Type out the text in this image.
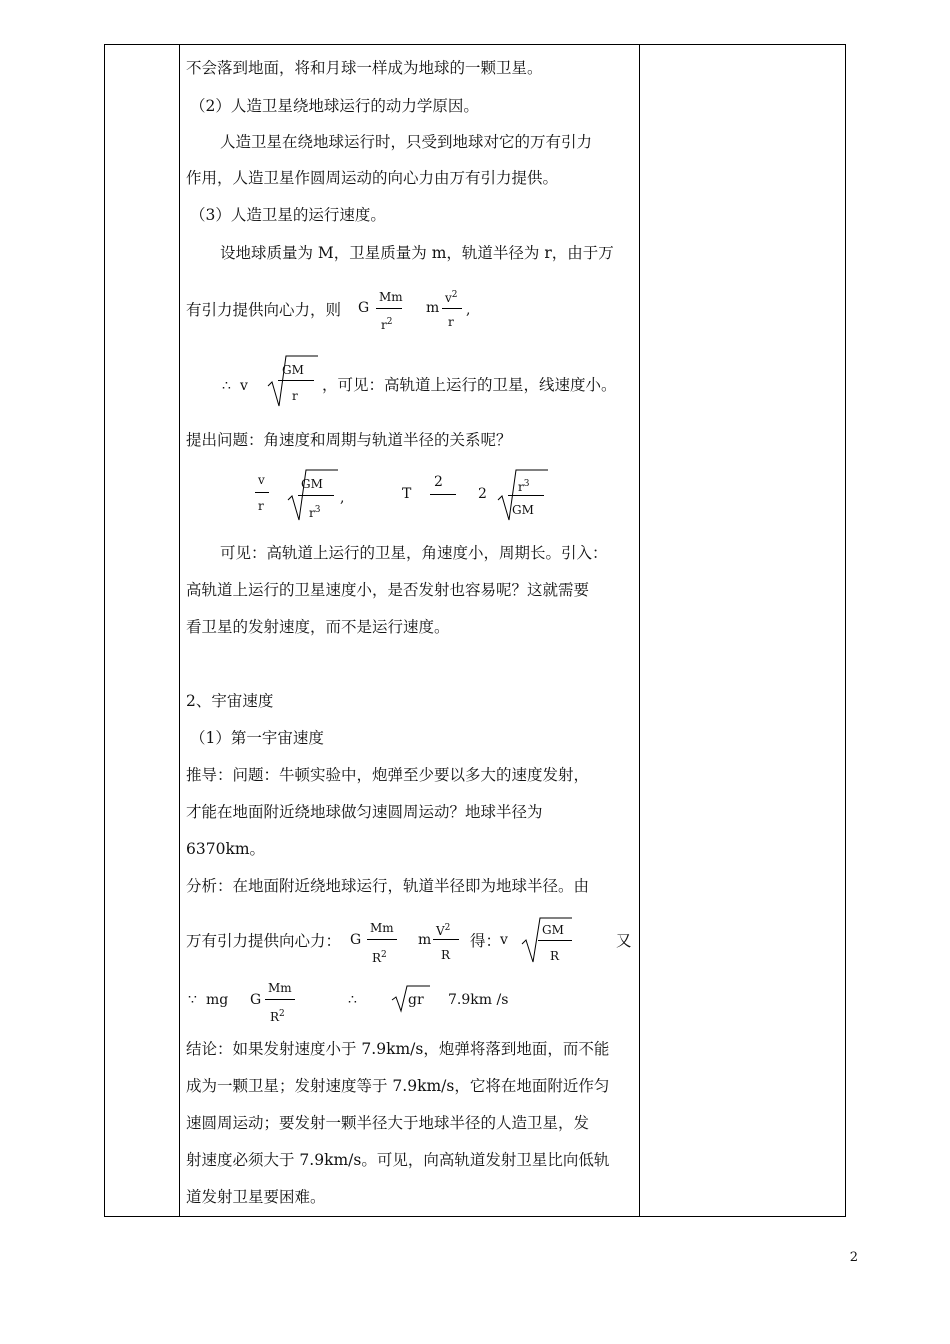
不会落到地面，将和月球一样成为地球的一颗卫星。
（2）人造卫星绕地球运行的动力学原因。
人造卫星在绕地球运行时，只受到地球对它的万有引力
作用，人造卫星作圆周运动的向心力由万有引力提供。
（3）人造卫星的运行速度。
设地球质量为 M，卫星质量为 m，轨道半径为 r，由于万
有引力提供向心力，则 G
Mm
$r^2$
m
$v^2$
r
,
∴ v
GM
r
，可见：高轨道上运行的卫星，线速度小。
提出问题：角速度和周期与轨道半径的关系呢？
v
r
GM
$r^3$
,	T
2
2	$r^3$
GM
可见：高轨道上运行的卫星，角速度小，周期长。引入：
高轨道上运行的卫星速度小，是否发射也容易呢？这就需要
看卫星的发射速度，而不是运行速度。
2、宇宙速度
（1）第一宇宙速度
推导：问题：牛顿实验中，炮弹至少要以多大的速度发射，
才能在地面附近绕地球做匀速圆周运动？地球半径为
6370km。
分析：在地面附近绕地球运行，轨道半径即为地球半径。由
万有引力提供向心力： G
Mm
$R^2$
m
$V^2$
R
得：
v
GM
R
又
∵ mg G
Mm
$R^2$
∴	gr 7.9km /s
结论：如果发射速度小于 7.9km/s，炮弹将落到地面，而不能
成为一颗卫星；发射速度等于 7.9km/s，它将在地面附近作匀
速圆周运动；要发射一颗半径大于地球半径的人造卫星，发
射速度必须大于 7.9km/s。可见，向高轨道发射卫星比向低轨
道发射卫星要困难。
2
